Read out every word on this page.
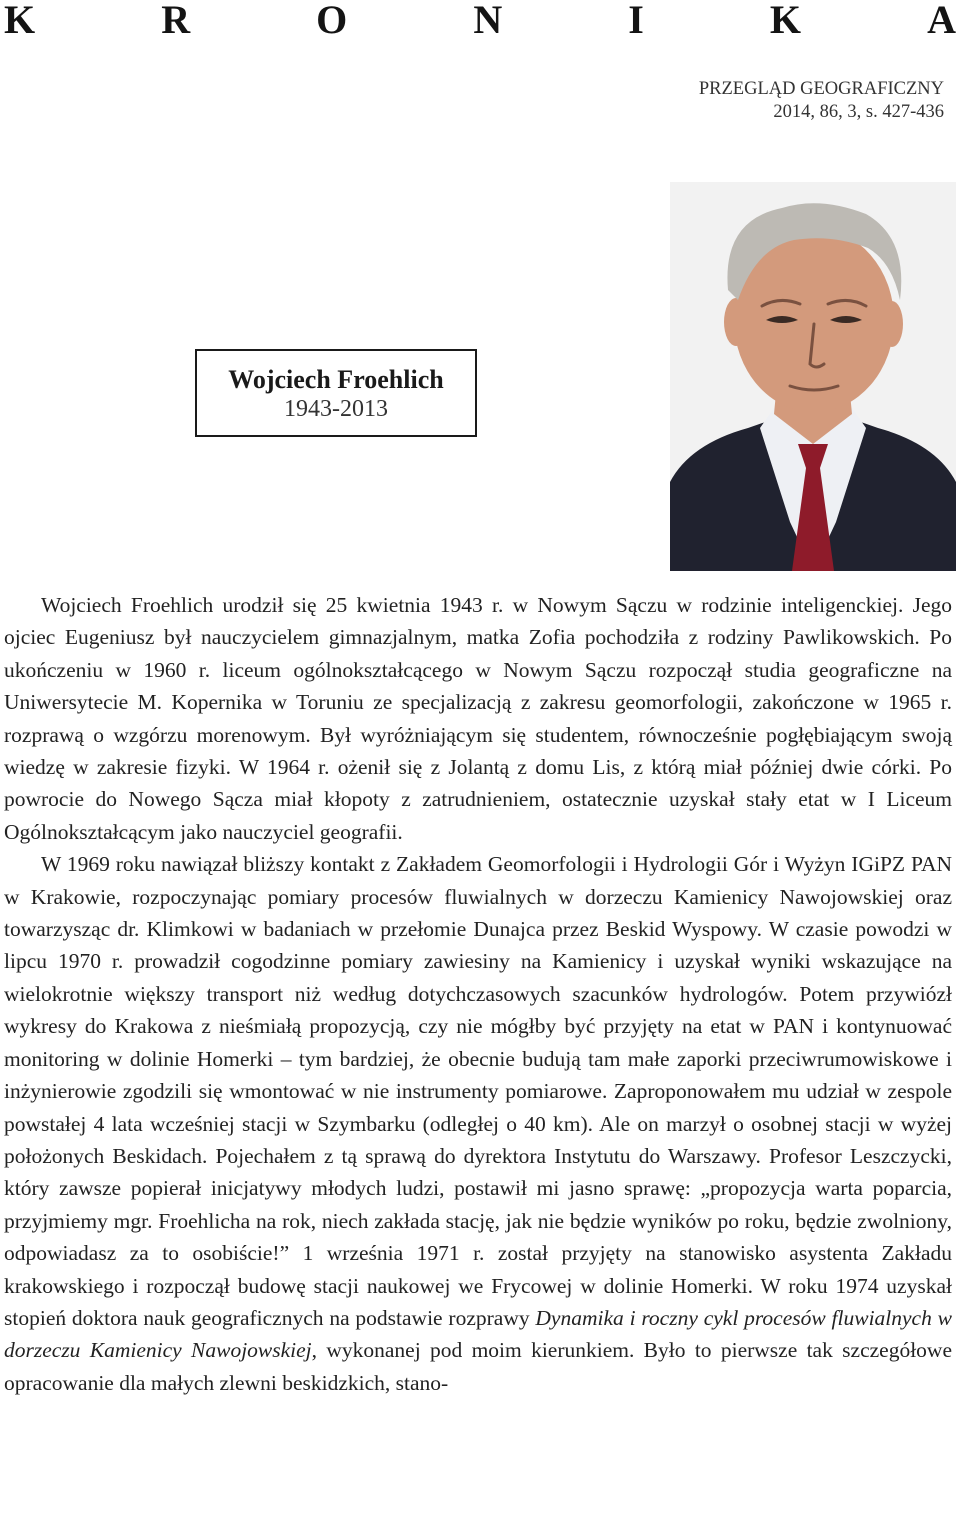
K	R	O	N	I	K	A
PRZEGLĄD GEOGRAFICZNY
2014, 86, 3, s. 427-436
Wojciech Froehlich
1943-2013

Wojciech Froehlich urodził się 25 kwietnia 1943 r. w Nowym Sączu w rodzinie inteligenckiej. Jego ojciec Eugeniusz był nauczycielem gimnazjalnym, matka Zofia pochodziła z rodziny Pawlikowskich. Po ukończeniu w 1960 r. liceum ogólnokształcącego w Nowym Sączu rozpoczął studia geograficzne na Uniwersytecie M. Kopernika w Toruniu ze specjalizacją z zakresu geomorfologii, zakończone w 1965 r. rozprawą o wzgórzu morenowym. Był wyróżniającym się studentem, równocześnie pogłębiającym swoją wiedzę w zakresie fizyki. W 1964 r. ożenił się z Jolantą z domu Lis, z którą miał później dwie córki. Po powrocie do Nowego Sącza miał kłopoty z zatrudnieniem, ostatecznie uzyskał stały etat w I Liceum Ogólnokształcącym jako nauczyciel geografii.

W 1969 roku nawiązał bliższy kontakt z Zakładem Geomorfologii i Hydrologii Gór i Wyżyn IGiPZ PAN w Krakowie, rozpoczynając pomiary procesów fluwialnych w dorzeczu Kamienicy Nawojowskiej oraz towarzysząc dr. Klimkowi w badaniach w przełomie Dunajca przez Beskid Wyspowy. W czasie powodzi w lipcu 1970 r. prowadził cogodzinne pomiary zawiesiny na Kamienicy i uzyskał wyniki wskazujące na wielokrotnie większy transport niż według dotychczasowych szacunków hydrologów. Potem przywiózł wykresy do Krakowa z nieśmiałą propozycją, czy nie mógłby być przyjęty na etat w PAN i kontynuować monitoring w dolinie Homerki – tym bardziej, że obecnie budują tam małe zaporki przeciwrumowiskowe i inżynierowie zgodzili się wmontować w nie instrumenty pomiarowe. Zaproponowałem mu udział w zespole powstałej 4 lata wcześniej stacji w Szymbarku (odległej o 40 km). Ale on marzył o osobnej stacji w wyżej położonych Beskidach. Pojechałem z tą sprawą do dyrektora Instytutu do Warszawy. Profesor Leszczycki, który zawsze popierał inicjatywy młodych ludzi, postawił mi jasno sprawę: „propozycja warta poparcia, przyjmiemy mgr. Froehlicha na rok, niech zakłada stację, jak nie będzie wyników po roku, będzie zwolniony, odpowiadasz za to osobiście!” 1 września 1971 r. został przyjęty na stanowisko asystenta Zakładu krakowskiego i rozpoczął budowę stacji naukowej we Frycowej w dolinie Homerki. W roku 1974 uzyskał stopień doktora nauk geograficznych na podstawie rozprawy Dynamika i roczny cykl procesów fluwialnych w dorzeczu Kamienicy Nawojowskiej, wykonanej pod moim kierunkiem. Było to pierwsze tak szczegółowe opracowanie dla małych zlewni beskidzkich, stano-
